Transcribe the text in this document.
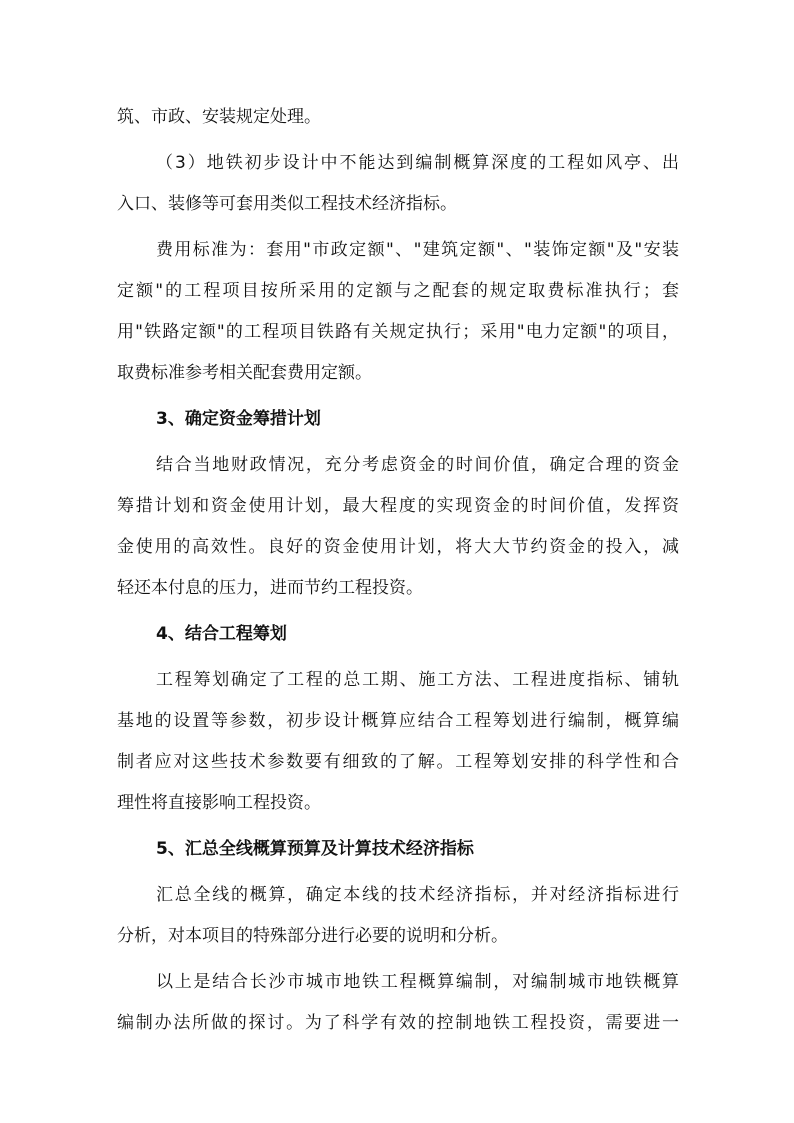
筑、市政、安装规定处理。
（3）地铁初步设计中不能达到编制概算深度的工程如风亭、出
入口、装修等可套用类似工程技术经济指标。
费用标准为：套用"市政定额"、"建筑定额"、"装饰定额"及"安装
定额"的工程项目按所采用的定额与之配套的规定取费标准执行；套
用"铁路定额"的工程项目铁路有关规定执行；采用"电力定额"的项目，
取费标准参考相关配套费用定额。
3、确定资金筹措计划
结合当地财政情况，充分考虑资金的时间价值，确定合理的资金
筹措计划和资金使用计划，最大程度的实现资金的时间价值，发挥资
金使用的高效性。良好的资金使用计划，将大大节约资金的投入，减
轻还本付息的压力，进而节约工程投资。
4、结合工程筹划
工程筹划确定了工程的总工期、施工方法、工程进度指标、铺轨
基地的设置等参数，初步设计概算应结合工程筹划进行编制，概算编
制者应对这些技术参数要有细致的了解。工程筹划安排的科学性和合
理性将直接影响工程投资。
5、汇总全线概算预算及计算技术经济指标
汇总全线的概算，确定本线的技术经济指标，并对经济指标进行
分析，对本项目的特殊部分进行必要的说明和分析。
以上是结合长沙市城市地铁工程概算编制，对编制城市地铁概算
编制办法所做的探讨。为了科学有效的控制地铁工程投资，需要进一
